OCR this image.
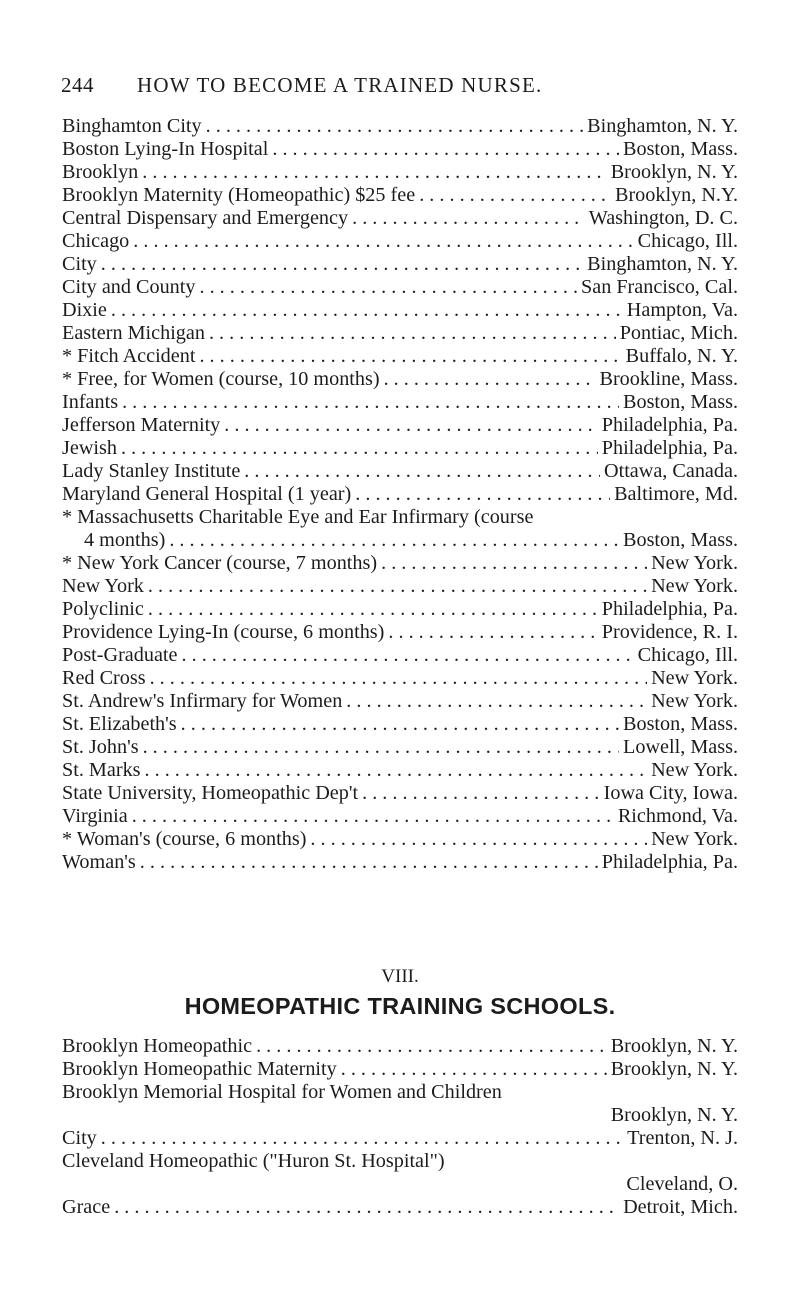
244 HOW TO BECOME A TRAINED NURSE.
Binghamton City . . .	Binghamton, N. Y.
Boston Lying-In Hospital . . .	Boston, Mass.
Brooklyn . . .	Brooklyn, N. Y.
Brooklyn Maternity (Homeopathic) $25 fee . . .	Brooklyn, N.Y.
Central Dispensary and Emergency . . .	Washington, D. C.
Chicago . . .	Chicago, Ill.
City . . .	Binghamton, N. Y.
City and County . . .	San Francisco, Cal.
Dixie . . .	Hampton, Va.
Eastern Michigan . . .	Pontiac, Mich.
* Fitch Accident . . .	Buffalo, N. Y.
* Free, for Women (course, 10 months) . . .	Brookline, Mass.
Infants . . .	Boston, Mass.
Jefferson Maternity . . .	Philadelphia, Pa.
Jewish . . .	Philadelphia, Pa.
Lady Stanley Institute . . .	Ottawa, Canada.
Maryland General Hospital (1 year) . . .	Baltimore, Md.
* Massachusetts Charitable Eye and Ear Infirmary (course
4 months) . . .	Boston, Mass.
* New York Cancer (course, 7 months) . . .	New York.
New York . . .	New York.
Polyclinic . . .	Philadelphia, Pa.
Providence Lying-In (course, 6 months) . . .	Providence, R. I.
Post-Graduate . . .	Chicago, Ill.
Red Cross . . .	New York.
St. Andrew's Infirmary for Women . . .	New York.
St. Elizabeth's . . .	Boston, Mass.
St. John's . . .	Lowell, Mass.
St. Marks . . .	New York.
State University, Homeopathic Dep't . . .	Iowa City, Iowa.
Virginia . . .	Richmond, Va.
* Woman's (course, 6 months) . . .	New York.
Woman's . . .	Philadelphia, Pa.
VIII.
HOMEOPATHIC TRAINING SCHOOLS.
Brooklyn Homeopathic . . .	Brooklyn, N. Y.
Brooklyn Homeopathic Maternity . . .	Brooklyn, N. Y.
Brooklyn Memorial Hospital for Women and Children
Brooklyn, N. Y.
City . . .	Trenton, N. J.
Cleveland Homeopathic ("Huron St. Hospital")
Cleveland, O.
Grace . . .	Detroit, Mich.
